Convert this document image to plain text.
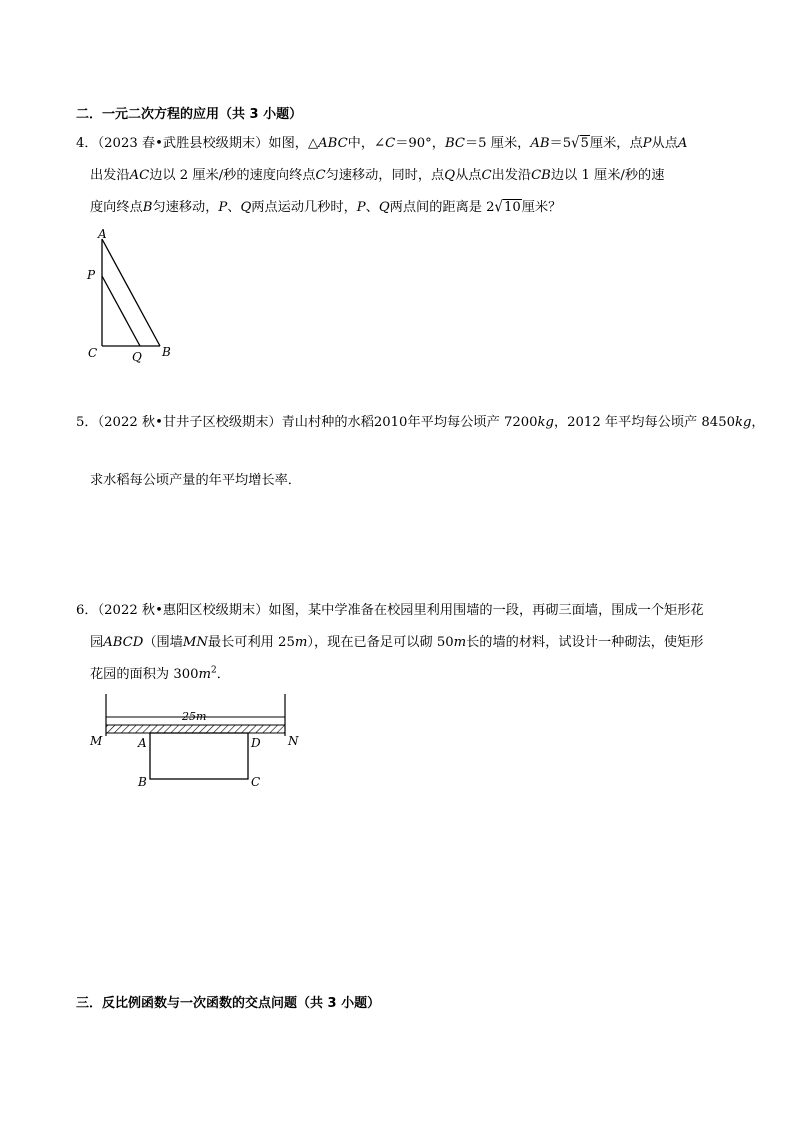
二．一元二次方程的应用（共 3 小题）
4．（2023 春•武胜县校级期末）如图，△ABC中，∠C＝90°，BC＝5 厘米，AB＝5√5厘米，点P从点A
出发沿AC边以 2 厘米/秒的速度向终点C匀速移动，同时，点Q从点C出发沿CB边以 1 厘米/秒的速
度向终点B匀速移动，P、Q两点运动几秒时，P、Q两点间的距离是 2√10厘米？
A
P
C	Q B
5．（2022 秋•甘井子区校级期末）青山村种的水稻2010年平均每公顷产 7200kg，2012 年平均每公顷产 8450kg，
求水稻每公顷产量的年平均增长率．
6．（2022 秋•惠阳区校级期末）如图，某中学准备在校园里利用围墙的一段，再砌三面墙，围成一个矩形花
园ABCD（围墙MN最长可利用 25m），现在已备足可以砌 50m长的墙的材料，试设计一种砌法，使矩形
花园的面积为 $300m^2$．
25m
M	A	D N
B	C
三．反比例函数与一次函数的交点问题（共 3 小题）
